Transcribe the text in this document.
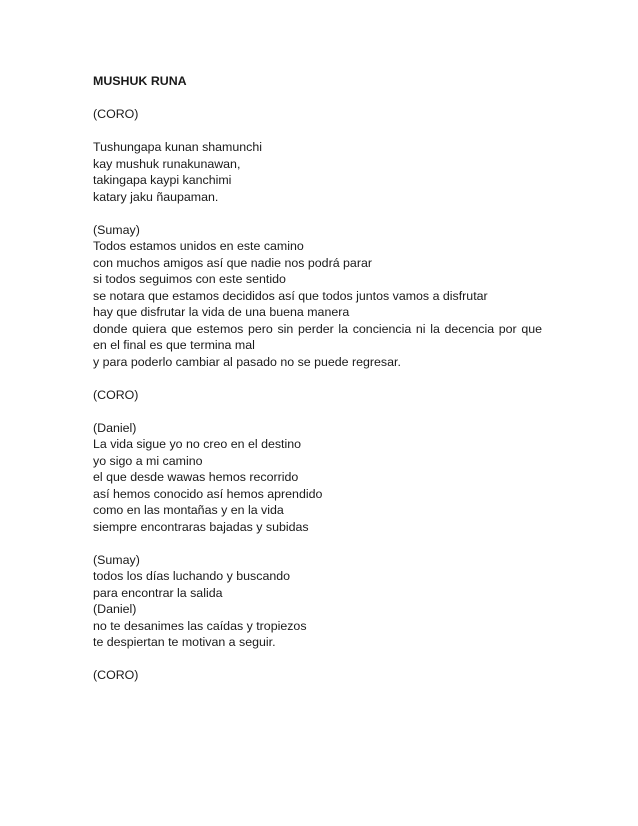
MUSHUK RUNA
(CORO)
Tushungapa kunan shamunchi
kay mushuk runakunawan,
takingapa kaypi kanchimi
katary jaku ñaupaman.
(Sumay)
Todos estamos unidos en este camino
con muchos amigos así que nadie nos podrá parar
si todos seguimos con este sentido
se notara que estamos decididos así que todos juntos vamos a disfrutar
hay que disfrutar la vida de una buena manera
donde quiera que estemos pero sin perder la conciencia ni la decencia por que
en el final es que termina mal
y para poderlo cambiar al pasado no se puede regresar.
(CORO)
(Daniel)
La vida sigue yo no creo en el destino
yo sigo a mi camino
el que desde wawas hemos recorrido
así hemos conocido así hemos aprendido
como en las montañas y en la vida
siempre encontraras bajadas y subidas
(Sumay)
todos los días luchando y buscando
para encontrar la salida
(Daniel)
no te desanimes las caídas y tropiezos
te despiertan te motivan a seguir.
(CORO)
